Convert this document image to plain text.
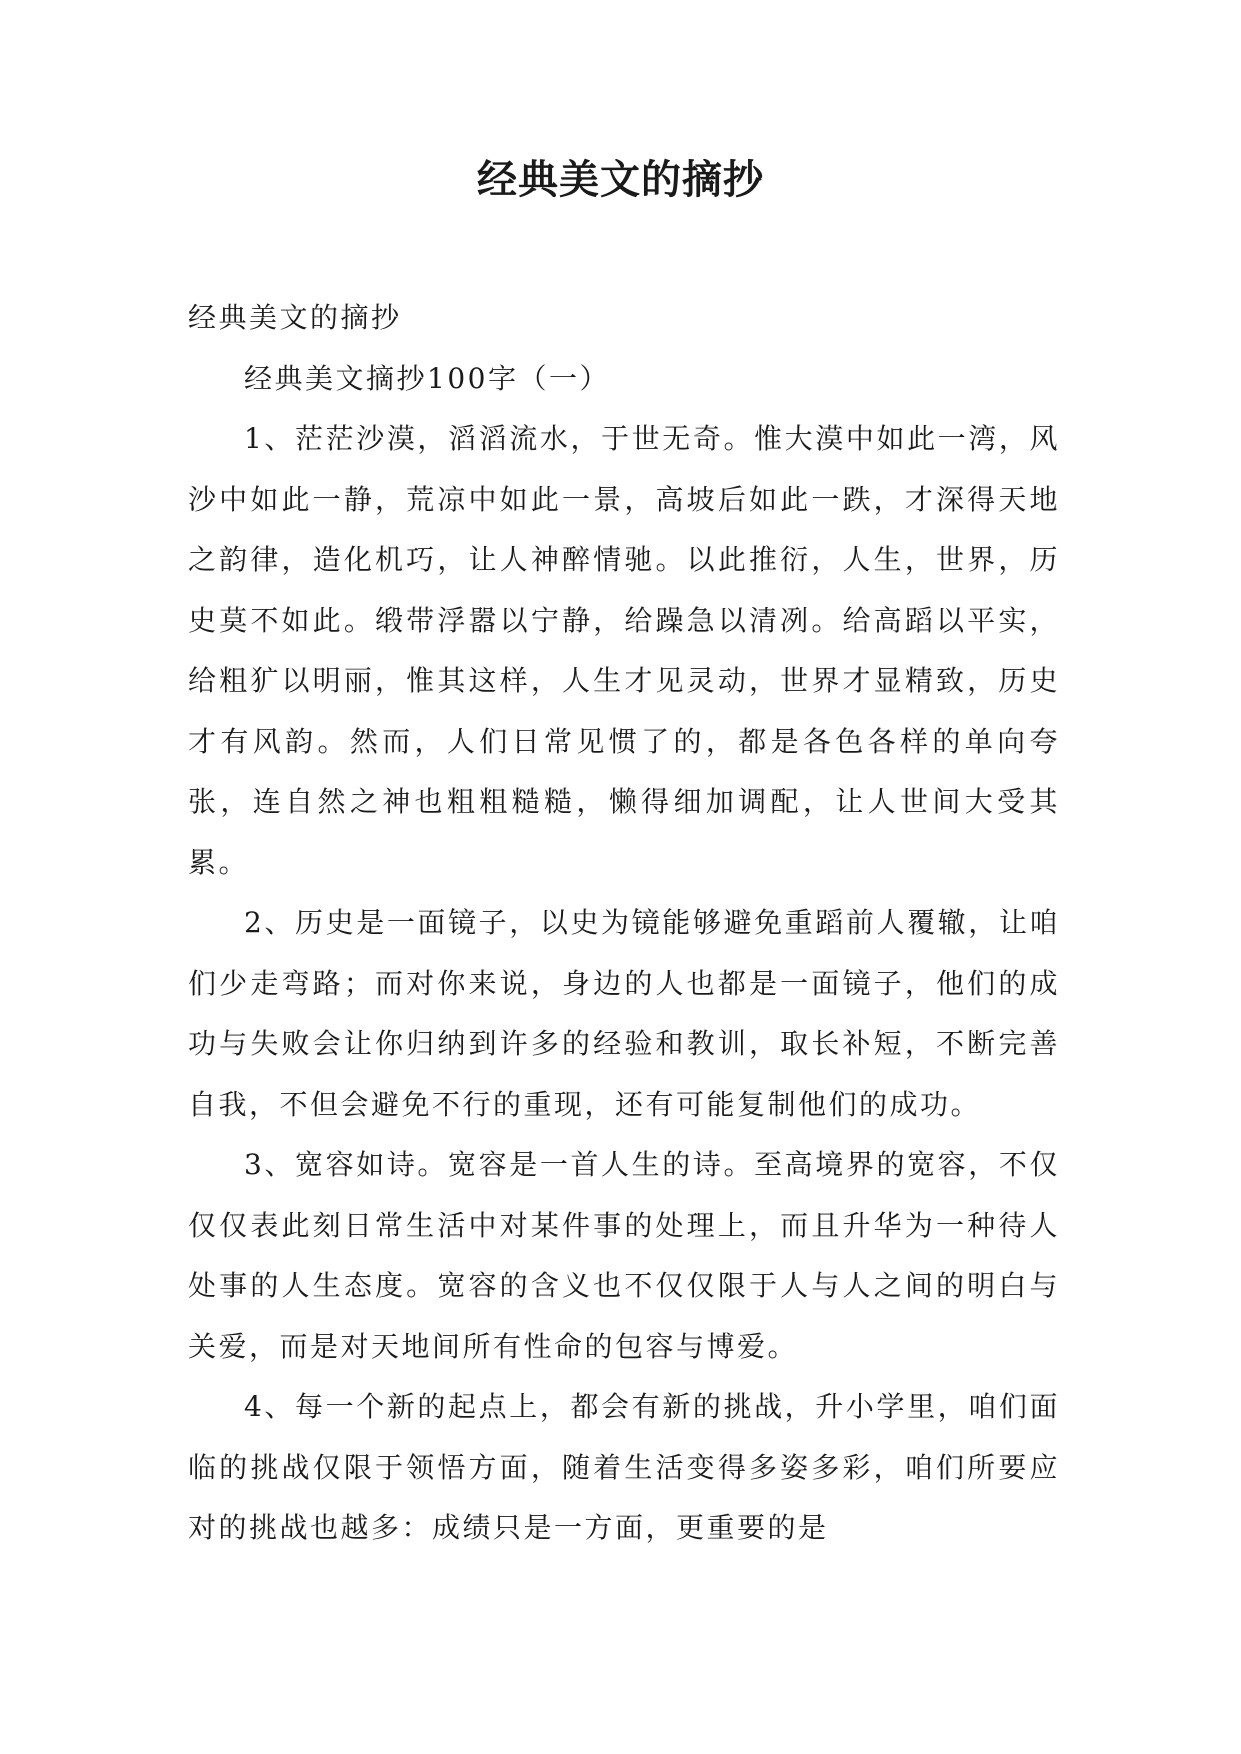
经典美文的摘抄

经典美文的摘抄

经典美文摘抄100字（一）

1、茫茫沙漠，滔滔流水，于世无奇。惟大漠中如此一湾，风沙中如此一静，荒凉中如此一景，高坡后如此一跌，才深得天地之韵律，造化机巧，让人神醉情驰。以此推衍，人生，世界，历史莫不如此。缎带浮嚣以宁静，给躁急以清冽。给高蹈以平实，给粗犷以明丽，惟其这样，人生才见灵动，世界才显精致，历史才有风韵。然而，人们日常见惯了的，都是各色各样的单向夸张，连自然之神也粗粗糙糙，懒得细加调配，让人世间大受其累。

2、历史是一面镜子，以史为镜能够避免重蹈前人覆辙，让咱们少走弯路；而对你来说，身边的人也都是一面镜子，他们的成功与失败会让你归纳到许多的经验和教训，取长补短，不断完善自我，不但会避免不行的重现，还有可能复制他们的成功。

3、宽容如诗。宽容是一首人生的诗。至高境界的宽容，不仅仅仅表此刻日常生活中对某件事的处理上，而且升华为一种待人处事的人生态度。宽容的含义也不仅仅限于人与人之间的明白与关爱，而是对天地间所有性命的包容与博爱。

4、每一个新的起点上，都会有新的挑战，升小学里，咱们面临的挑战仅限于领悟方面，随着生活变得多姿多彩，咱们所要应对的挑战也越多：成绩只是一方面，更重要的是
